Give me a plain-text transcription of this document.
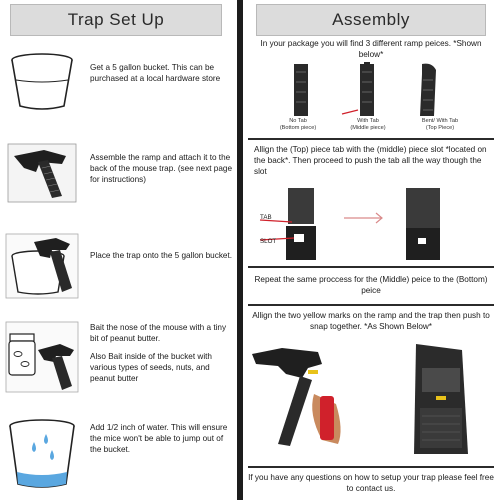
Trap Set Up
Get a 5 gallon bucket. This can be purchased at a local hardware store
Assemble the ramp and attach it to the back of the mouse trap. (see next page for instructions)
Place the trap onto the 5 gallon bucket.

Bait the nose of the mouse with a tiny bit of peanut butter.

Also Bait inside of the bucket with various types of seeds, nuts, and peanut butter

Add 1/2 inch of water. This will ensure the mice won't be able to jump out of the bucket.
Assembly
In your package you will find 3 different ramp peices. *Shown below*
No Tab
(Bottom piece)
With Tab
(Middle piece)
Bent/ With Tab
(Top Piece)
Allign the (Top) piece tab with the (middle) piece slot *located on the back*. Then proceed to push the tab all the way though the slot
TAB
SLOT
Repeat the same proccess for the (Middle) peice to the (Bottom) peice
Allign the two yellow marks on the ramp and the trap then push to snap together. *As Shown Below*
If you have any questions on how to setup your trap please feel free to contact us.
